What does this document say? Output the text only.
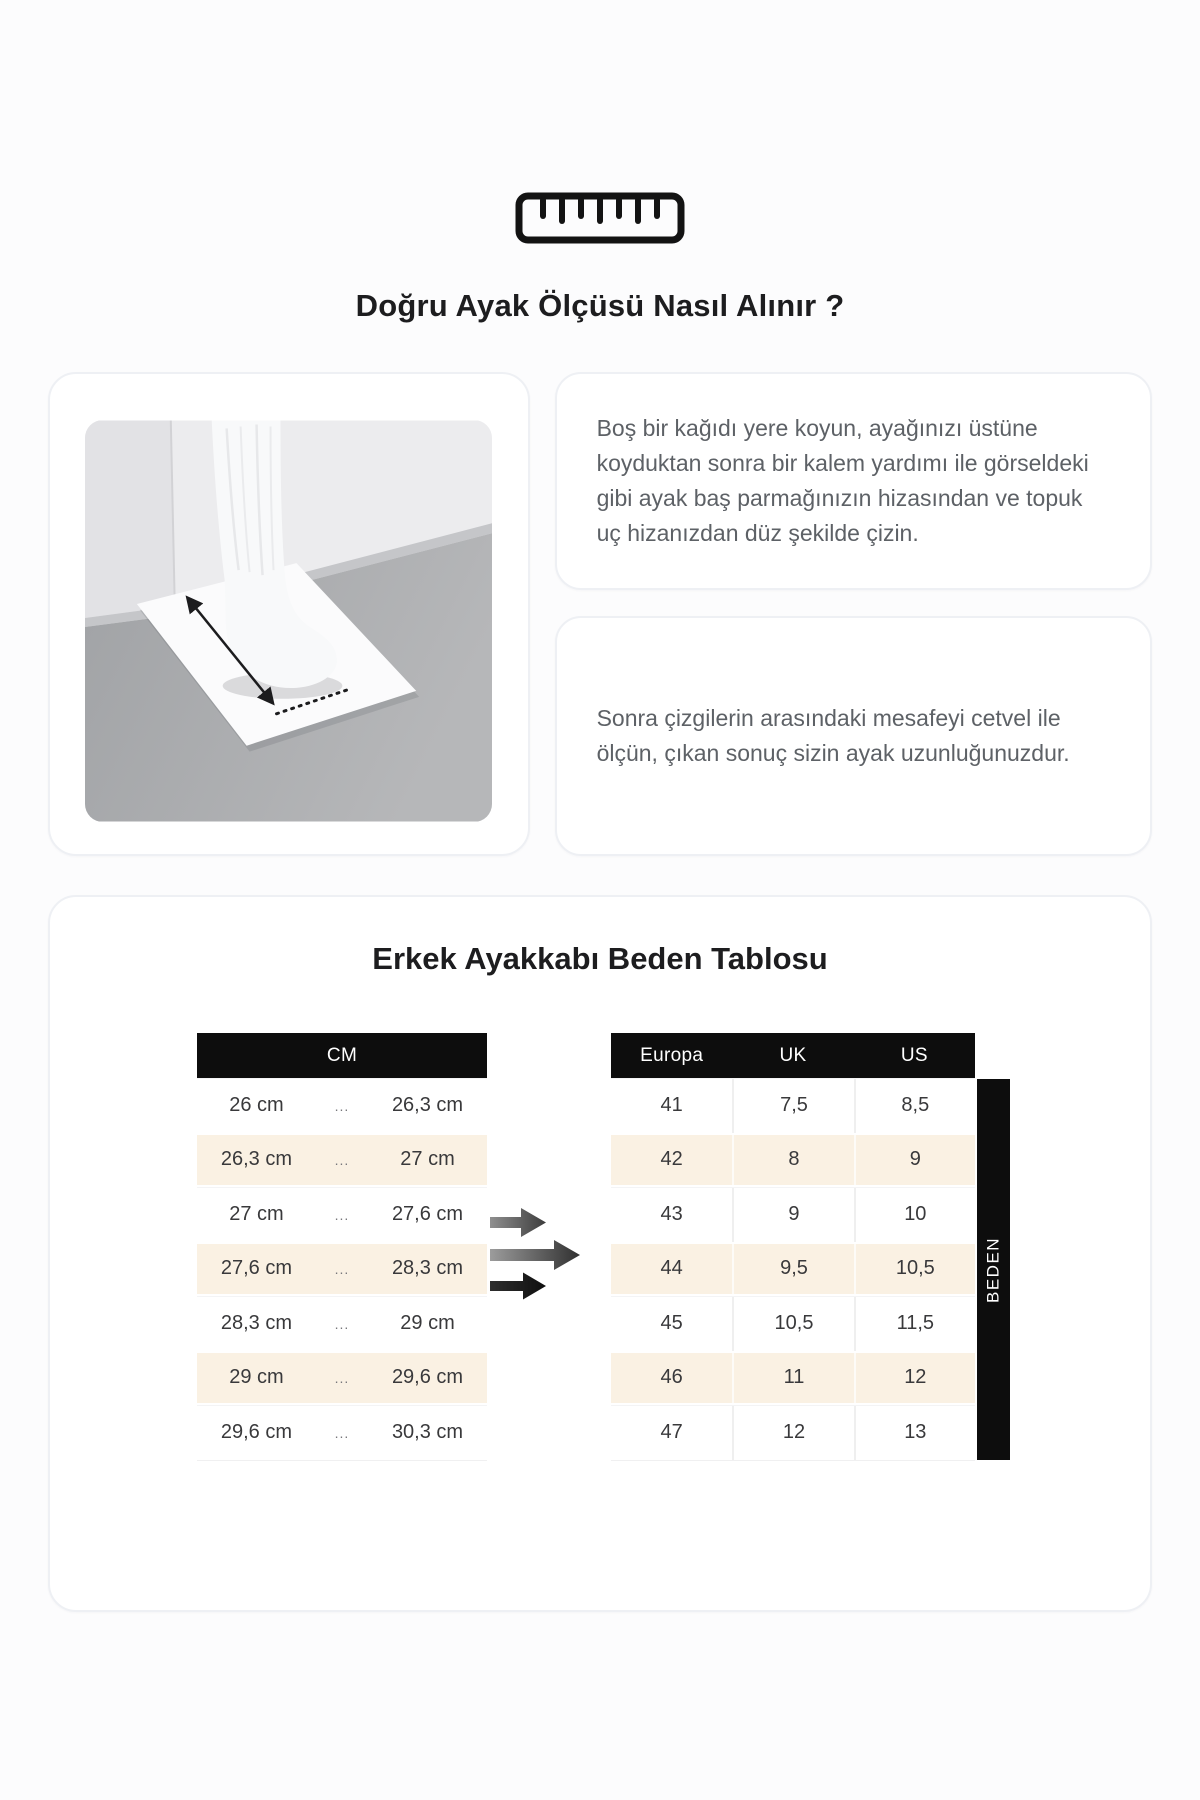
Doğru Ayak Ölçüsü Nasıl Alınır ?

Boş bir kağıdı yere koyun, ayağınızı üstüne koyduktan sonra bir kalem yardımı ile görseldeki gibi ayak baş parmağınızın hizasından ve topuk uç hizanızdan düz şekilde çizin.

Sonra çizgilerin arasındaki mesafeyi cetvel ile ölçün, çıkan sonuç sizin ayak uzunluğunuzdur.

Erkek Ayakkabı Beden Tablosu
CM
26 cm	...	26,3 cm
26,3 cm	...	27 cm
27 cm	...	27,6 cm
27,6 cm	...	28,3 cm
28,3 cm	...	29 cm
29 cm	...	29,6 cm
29,6 cm	...	30,3 cm
Europa	UK	US
41	7,5	8,5
42	8	9
43	9	10
44	9,5	10,5
45	10,5	11,5
46	11	12
47	12	13
BEDEN
